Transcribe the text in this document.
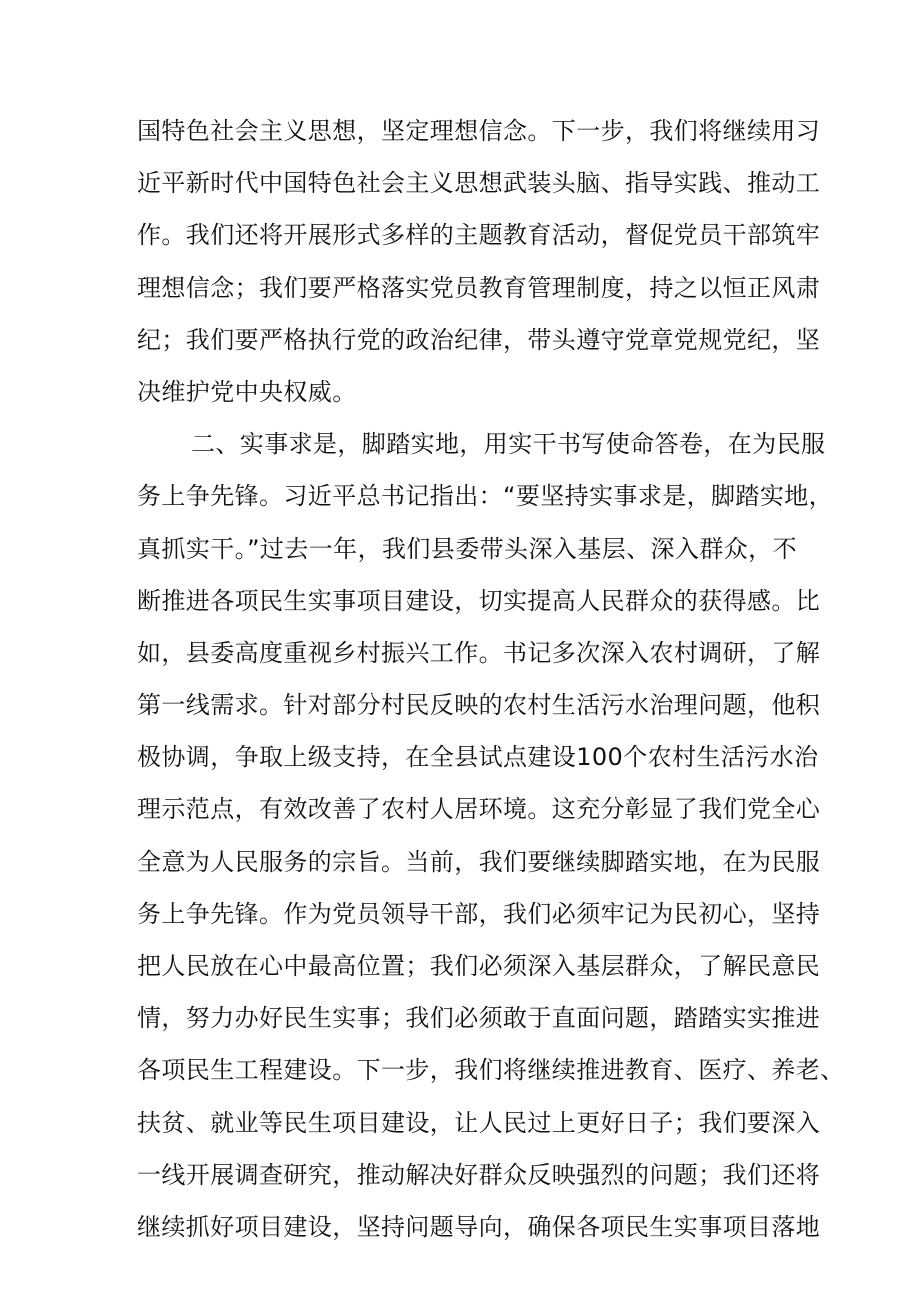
国特色社会主义思想，坚定理想信念。下一步，我们将继续用习
近平新时代中国特色社会主义思想武装头脑、指导实践、推动工
作。我们还将开展形式多样的主题教育活动，督促党员干部筑牢
理想信念；我们要严格落实党员教育管理制度，持之以恒正风肃
纪；我们要严格执行党的政治纪律，带头遵守党章党规党纪，坚
决维护党中央权威。
二、实事求是，脚踏实地，用实干书写使命答卷，在为民服
务上争先锋。习近平总书记指出：“要坚持实事求是，脚踏实地，
真抓实干。”过去一年，我们县委带头深入基层、深入群众，不
断推进各项民生实事项目建设，切实提高人民群众的获得感。比
如，县委高度重视乡村振兴工作。书记多次深入农村调研，了解
第一线需求。针对部分村民反映的农村生活污水治理问题，他积
极协调，争取上级支持，在全县试点建设100个农村生活污水治
理示范点，有效改善了农村人居环境。这充分彰显了我们党全心
全意为人民服务的宗旨。当前，我们要继续脚踏实地，在为民服
务上争先锋。作为党员领导干部，我们必须牢记为民初心，坚持
把人民放在心中最高位置；我们必须深入基层群众，了解民意民
情，努力办好民生实事；我们必须敢于直面问题，踏踏实实推进
各项民生工程建设。下一步，我们将继续推进教育、医疗、养老、
扶贫、就业等民生项目建设，让人民过上更好日子；我们要深入
一线开展调查研究，推动解决好群众反映强烈的问题；我们还将
继续抓好项目建设，坚持问题导向，确保各项民生实事项目落地
